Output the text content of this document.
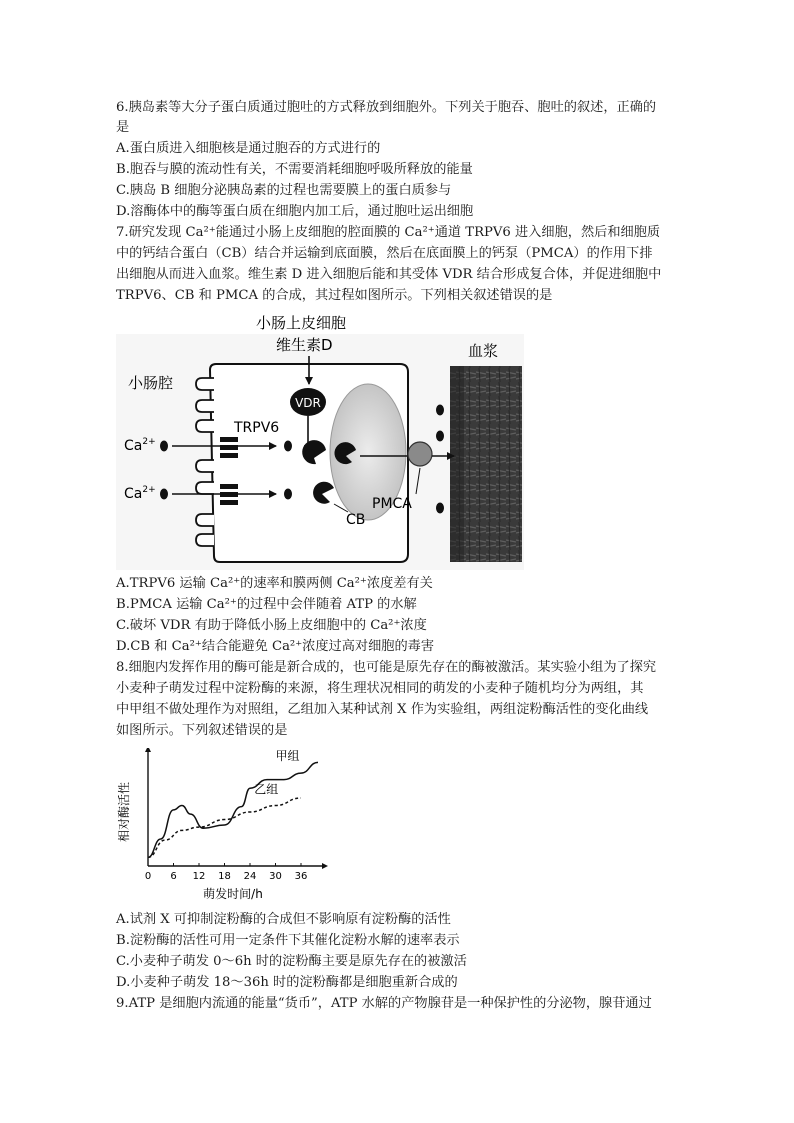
6.胰岛素等大分子蛋白质通过胞吐的方式释放到细胞外。下列关于胞吞、胞吐的叙述，正确的
是
A.蛋白质进入细胞核是通过胞吞的方式进行的
B.胞吞与膜的流动性有关，不需要消耗细胞呼吸所释放的能量
C.胰岛 B 细胞分泌胰岛素的过程也需要膜上的蛋白质参与
D.溶酶体中的酶等蛋白质在细胞内加工后，通过胞吐运出细胞
7.研究发现 Ca²⁺能通过小肠上皮细胞的腔面膜的 Ca²⁺通道 TRPV6 进入细胞，然后和细胞质
中的钙结合蛋白（CB）结合并运输到底面膜，然后在底面膜上的钙泵（PMCA）的作用下排
出细胞从而进入血浆。维生素 D 进入细胞后能和其受体 VDR 结合形成复合体，并促进细胞中
TRPV6、CB 和 PMCA 的合成，其过程如图所示。下列相关叙述错误的是
血浆
小肠上皮细胞
维生素D
小肠腔
VDR
TRPV6
$Ca^{2+}$
$Ca^{2+}$
CB
PMCA
A.TRPV6 运输 Ca²⁺的速率和膜两侧 Ca²⁺浓度差有关
B.PMCA 运输 Ca²⁺的过程中会伴随着 ATP 的水解
C.破坏 VDR 有助于降低小肠上皮细胞中的 Ca²⁺浓度
D.CB 和 Ca²⁺结合能避免 Ca²⁺浓度过高对细胞的毒害
8.细胞内发挥作用的酶可能是新合成的，也可能是原先存在的酶被激活。某实验小组为了探究
小麦种子萌发过程中淀粉酶的来源，将生理状况相同的萌发的小麦种子随机均分为两组，其
中甲组不做处理作为对照组，乙组加入某种试剂 X 作为实验组，两组淀粉酶活性的变化曲线
如图所示。下列叙述错误的是
0 6 12 18 24 30 36
甲组
乙组
萌发时间/h
相对酶活性
A.试剂 X 可抑制淀粉酶的合成但不影响原有淀粉酶的活性
B.淀粉酶的活性可用一定条件下其催化淀粉水解的速率表示
C.小麦种子萌发 0～6h 时的淀粉酶主要是原先存在的被激活
D.小麦种子萌发 18～36h 时的淀粉酶都是细胞重新合成的
9.ATP 是细胞内流通的能量“货币”，ATP 水解的产物腺苷是一种保护性的分泌物，腺苷通过
